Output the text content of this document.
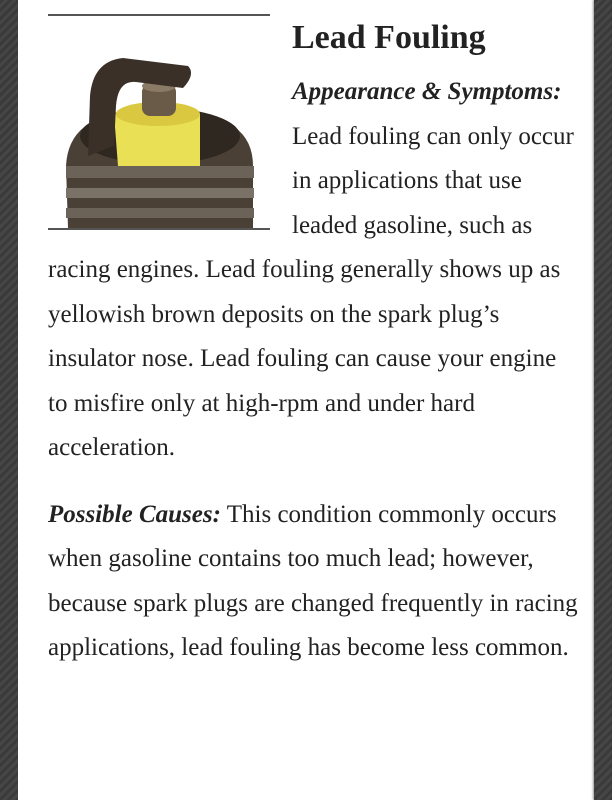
Lead Fouling

Appearance & Symptoms: Lead fouling can only occur in applications that use leaded gasoline, such as racing engines. Lead fouling generally shows up as yellowish brown deposits on the spark plug’s insulator nose. Lead fouling can cause your engine to misfire only at high-rpm and under hard acceleration.

Possible Causes: This condition commonly occurs when gasoline contains too much lead; however, because spark plugs are changed frequently in racing applications, lead fouling has become less common.
